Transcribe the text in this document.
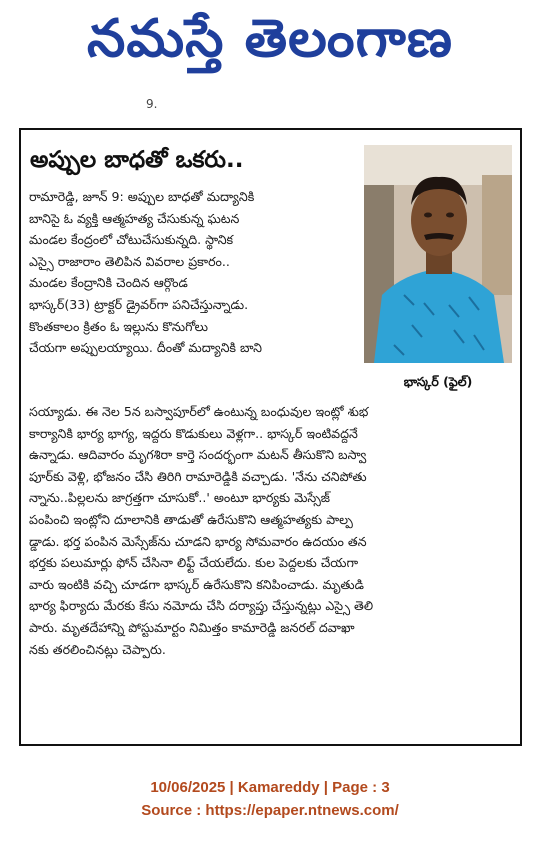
నమస్తే తెలంగాణ
9.
అప్పుల బాధతో ఒకరు..
భాస్కర్ (ఫైల్)
రామారెడ్డి, జూన్ 9: అప్పుల బాధతో మద్యానికి
బానిసై ఓ వ్యక్తి ఆత్మహత్య చేసుకున్న ఘటన
మండల కేంద్రంలో చోటుచేసుకున్నది. స్థానిక
ఎస్సై రాజారాం తెలిపిన వివరాల ప్రకారం..
మండల కేంద్రానికి చెందిన ఆర్గొండ
భాస్కర్(33) ట్రాక్టర్ డ్రైవర్‌గా పనిచేస్తున్నాడు.
కొంతకాలం క్రితం ఓ ఇల్లును కొనుగోలు
చేయగా అప్పులయ్యాయి. దీంతో మద్యానికి బాని
సయ్యాడు. ఈ నెల 5న బస్వాపూర్‌లో ఉంటున్న బంధువుల ఇంట్లో శుభ
కార్యానికి భార్య భాగ్య, ఇద్దరు కొడుకులు వెళ్లగా.. భాస్కర్ ఇంటివద్దనే
ఉన్నాడు. ఆదివారం మృగశిరా కార్తె సందర్భంగా మటన్ తీసుకొని బస్వా
పూర్‌కు వెళ్లి, భోజనం చేసి తిరిగి రామారెడ్డికి వచ్చాడు. 'నేను చనిపోతు
న్నాను..పిల్లలను జాగ్రత్తగా చూసుకో..' అంటూ భార్యకు మెస్సేజ్
పంపించి ఇంట్లోని దూలానికి తాడుతో ఉరేసుకొని ఆత్మహత్యకు పాల్ప
డ్డాడు. భర్త పంపిన మెస్సేజ్‌ను చూడని భార్య సోమవారం ఉదయం తన
భర్తకు పలుమార్లు ఫోన్ చేసినా లిఫ్ట్ చేయలేదు. కుల పెద్దలకు చేయగా
వారు ఇంటికి వచ్చి చూడగా భాస్కర్ ఉరేసుకొని కనిపించాడు. మృతుడి
భార్య ఫిర్యాదు మేరకు కేసు నమోదు చేసి దర్యాప్తు చేస్తున్నట్లు ఎస్సై తెలి
పారు. మృతదేహాన్ని పోస్టుమార్టం నిమిత్తం కామారెడ్డి జనరల్ దవాఖా
నకు తరలించినట్లు చెప్పారు.
10/06/2025 | Kamareddy | Page : 3
Source : https://epaper.ntnews.com/
